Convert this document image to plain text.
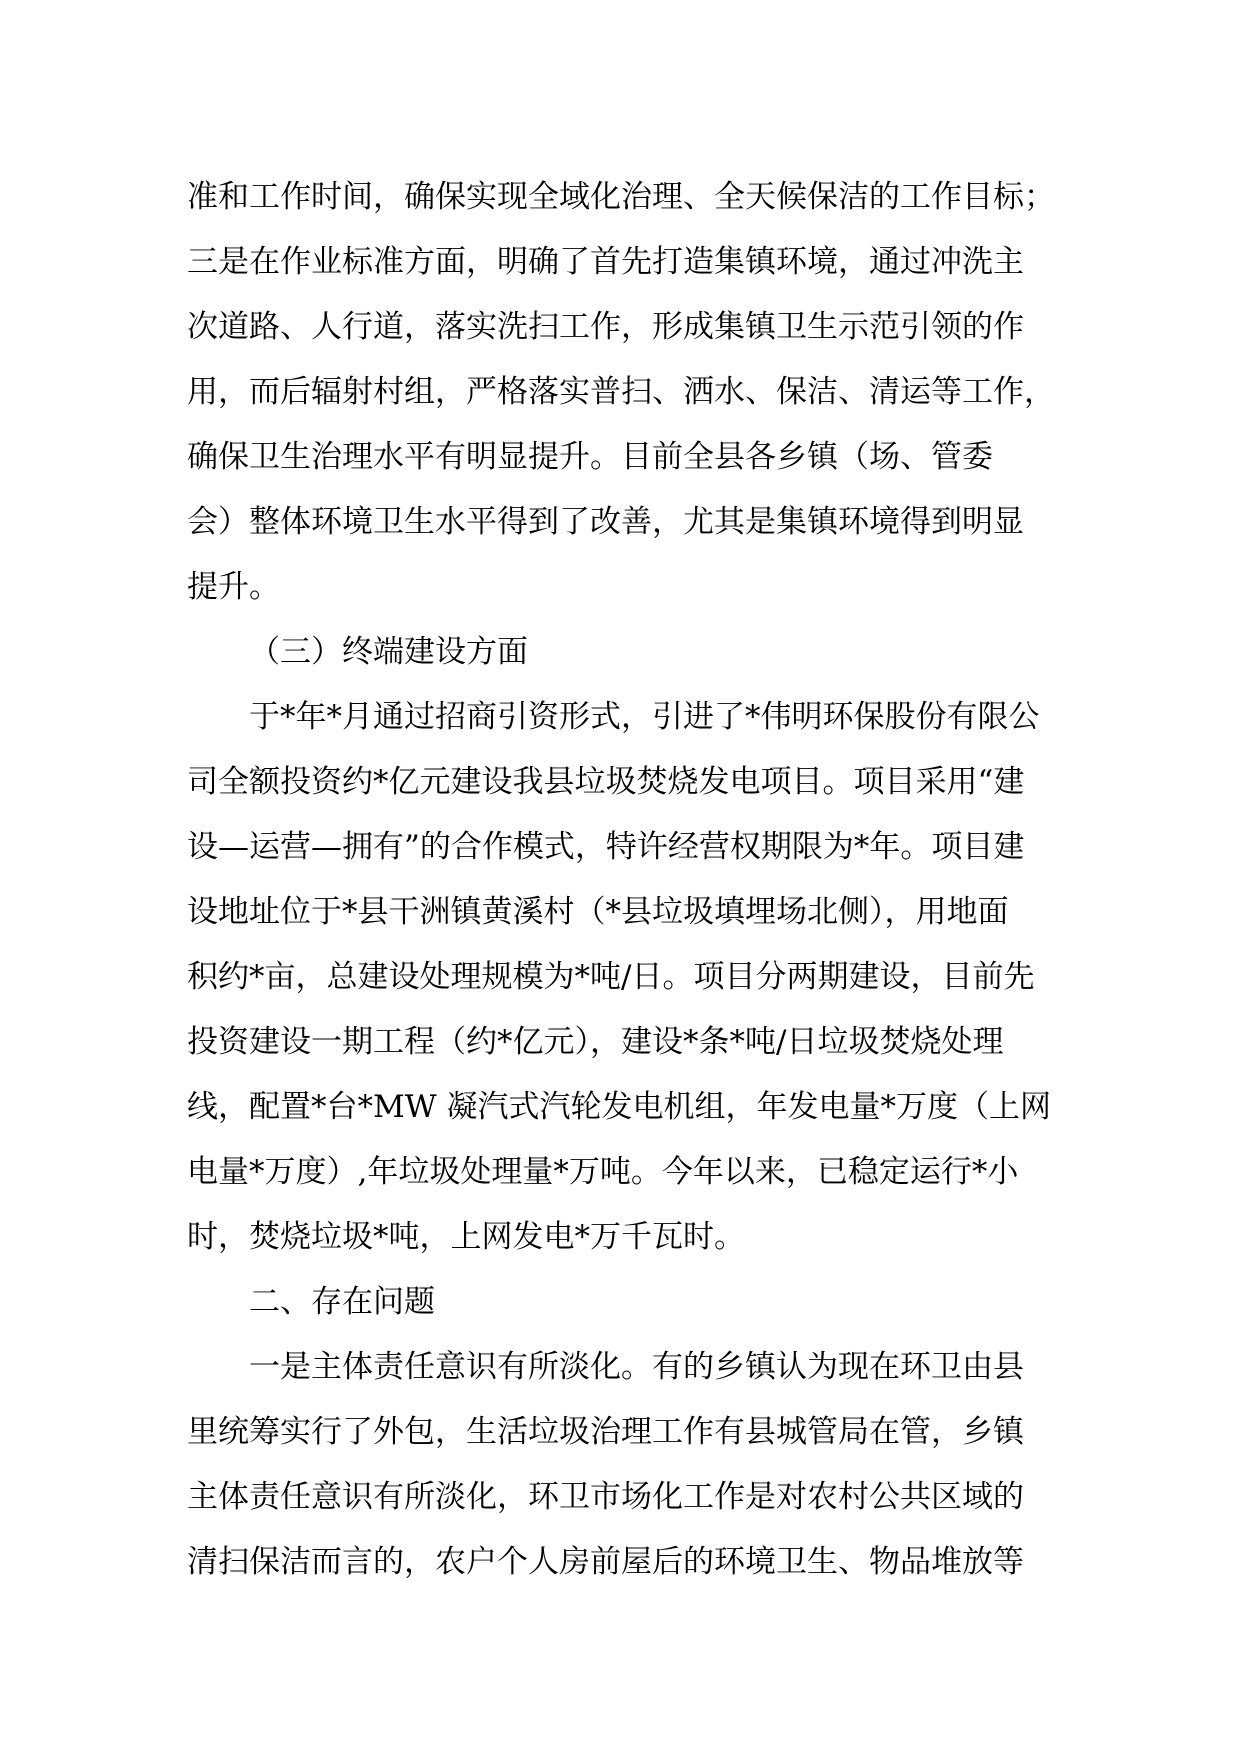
准和工作时间，确保实现全域化治理、全天候保洁的工作目标；

三是在作业标准方面，明确了首先打造集镇环境，通过冲洗主

次道路、人行道，落实洗扫工作，形成集镇卫生示范引领的作

用，而后辐射村组，严格落实普扫、洒水、保洁、清运等工作，

确保卫生治理水平有明显提升。目前全县各乡镇（场、管委

会）整体环境卫生水平得到了改善，尤其是集镇环境得到明显

提升。

（三）终端建设方面

于*年*月通过招商引资形式，引进了*伟明环保股份有限公

司全额投资约*亿元建设我县垃圾焚烧发电项目。项目采用“建

设—运营—拥有”的合作模式，特许经营权期限为*年。项目建

设地址位于*县干洲镇黄溪村（*县垃圾填埋场北侧），用地面

积约*亩，总建设处理规模为*吨/日。项目分两期建设，目前先

投资建设一期工程（约*亿元），建设*条*吨/日垃圾焚烧处理

线，配置*台*MW 凝汽式汽轮发电机组，年发电量*万度（上网

电量*万度）,年垃圾处理量*万吨。今年以来，已稳定运行*小

时，焚烧垃圾*吨，上网发电*万千瓦时。

二、存在问题

一是主体责任意识有所淡化。有的乡镇认为现在环卫由县

里统筹实行了外包，生活垃圾治理工作有县城管局在管，乡镇

主体责任意识有所淡化，环卫市场化工作是对农村公共区域的

清扫保洁而言的，农户个人房前屋后的环境卫生、物品堆放等
